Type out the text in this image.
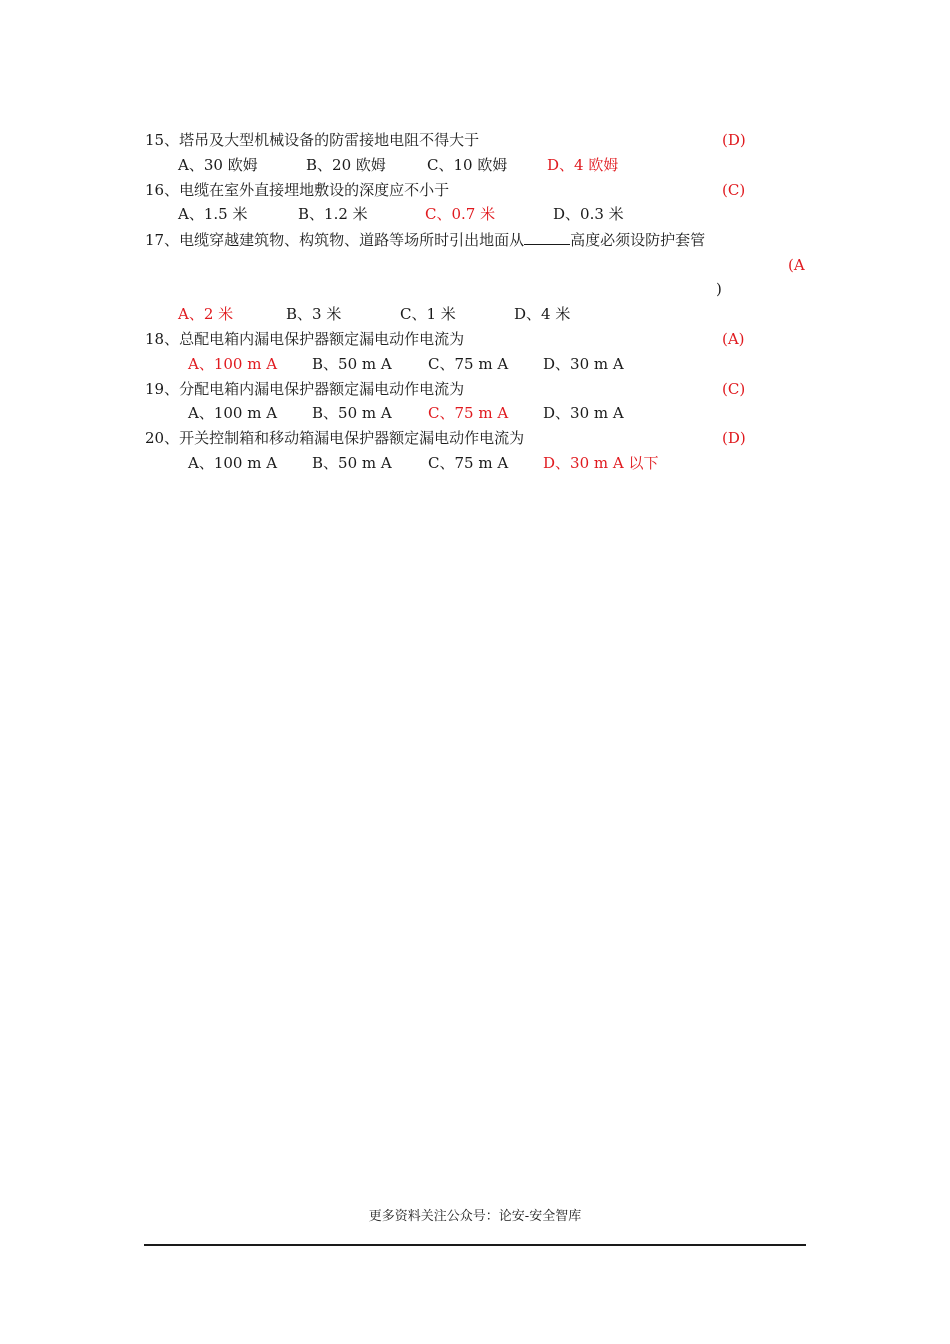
15、塔吊及大型机械设备的防雷接地电阻不得大于	(D)
A、30 欧姆	B、20 欧姆	C、10 欧姆	D、4 欧姆
16、电缆在室外直接埋地敷设的深度应不小于	(C)
A、1.5 米	B、1.2 米	C、0.7 米	D、0.3 米
17、电缆穿越建筑物、构筑物、道路等场所时引出地面从	高度必须设防护套管
(A
)
A、2 米	B、3 米	C、1 米	D、4 米
18、总配电箱内漏电保护器额定漏电动作电流为	(A)
A、100 m A B、50 m A C、75 m A D、30 m A
19、分配电箱内漏电保护器额定漏电动作电流为	(C)
A、100 m A B、50 m A C、75 m A D、30 m A
20、开关控制箱和移动箱漏电保护器额定漏电动作电流为	(D)
A、100 m A B、50 m A C、75 m A D、30 m A 以下
更多资料关注公众号：论安-安全智库
